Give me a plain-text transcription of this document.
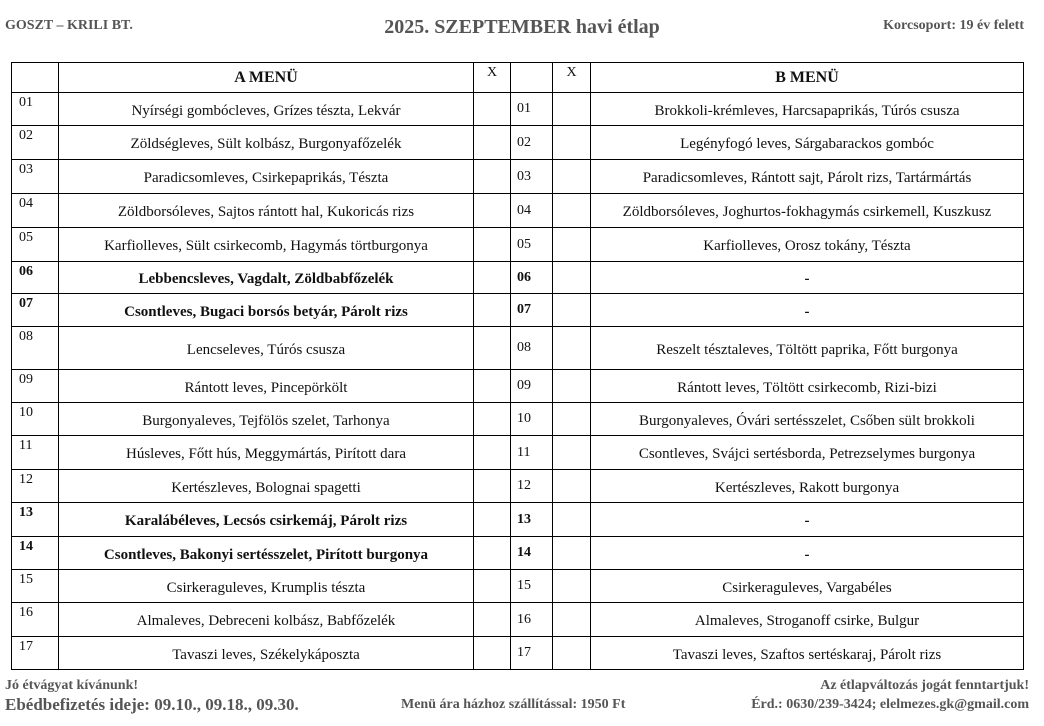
GOSZT – KRILI BT.	2025. SZEPTEMBER havi étlap	Korcsoport: 19 év felett
	A MENÜ	X		X	B MENÜ
01	Nyírségi gombócleves, Grízes tészta, Lekvár		01		Brokkoli-krémleves, Harcsapaprikás, Túrós csusza
02	Zöldségleves, Sült kolbász, Burgonyafőzelék		02		Legényfogó leves, Sárgabarackos gombóc
03	Paradicsomleves, Csirkepaprikás, Tészta		03		Paradicsomleves, Rántott sajt, Párolt rizs, Tartármártás
04	Zöldborsóleves, Sajtos rántott hal, Kukoricás rizs		04		Zöldborsóleves, Joghurtos-fokhagymás csirkemell, Kuszkusz
05	Karfiolleves, Sült csirkecomb, Hagymás törtburgonya		05		Karfiolleves, Orosz tokány, Tészta
06	Lebbencsleves, Vagdalt, Zöldbabfőzelék		06		-
07	Csontleves, Bugaci borsós betyár, Párolt rizs		07		-
08	Lencseleves, Túrós csusza		08		Reszelt tésztaleves, Töltött paprika, Főtt burgonya
09	Rántott leves, Pincepörkölt		09		Rántott leves, Töltött csirkecomb, Rizi-bizi
10	Burgonyaleves, Tejfölös szelet, Tarhonya		10		Burgonyaleves, Óvári sertésszelet, Csőben sült brokkoli
11	Húsleves, Főtt hús, Meggymártás, Pirított dara		11		Csontleves, Svájci sertésborda, Petrezselymes burgonya
12	Kertészleves, Bolognai spagetti		12		Kertészleves, Rakott burgonya
13	Karalábéleves, Lecsós csirkemáj, Párolt rizs		13		-
14	Csontleves, Bakonyi sertésszelet, Pirított burgonya		14		-
15	Csirkeraguleves, Krumplis tészta		15		Csirkeraguleves, Vargabéles
16	Almaleves, Debreceni kolbász, Babfőzelék		16		Almaleves, Stroganoff csirke, Bulgur
17	Tavaszi leves, Székelykáposzta		17		Tavaszi leves, Szaftos sertéskaraj, Párolt rizs
Jó étvágyat kívánunk!
Ebédbefizetés ideje: 09.10., 09.18., 09.30.	Menü ára házhoz szállítással: 1950 Ft
Az étlapváltozás jogát fenntartjuk!
Érd.: 0630/239-3424; elelmezes.gk@gmail.com
